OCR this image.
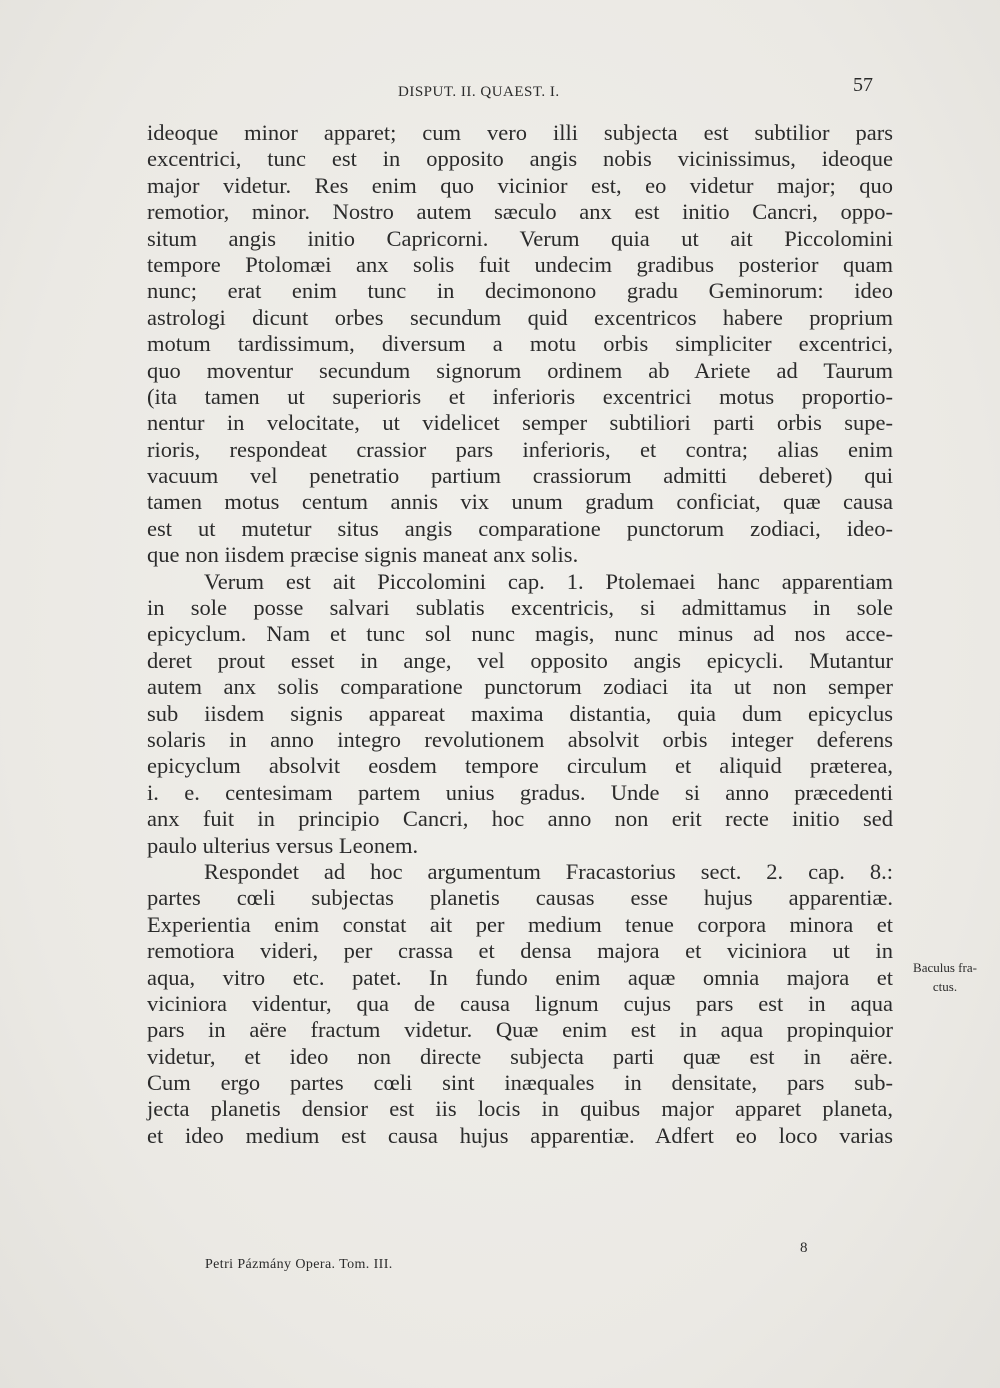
DISPUT. II. QUAEST. I.	57
ideoque minor apparet; cum vero illi subjecta est subtilior pars
excentrici, tunc est in opposito angis nobis vicinissimus, ideoque
major videtur. Res enim quo vicinior est, eo videtur major; quo
remotior, minor. Nostro autem sæculo anx est initio Cancri, oppo-
situm angis initio Capricorni. Verum quia ut ait Piccolomini
tempore Ptolomæi anx solis fuit undecim gradibus posterior quam
nunc; erat enim tunc in decimonono gradu Geminorum: ideo
astrologi dicunt orbes secundum quid excentricos habere proprium
motum tardissimum, diversum a motu orbis simpliciter excentrici,
quo moventur secundum signorum ordinem ab Ariete ad Taurum
(ita tamen ut superioris et inferioris excentrici motus proportio-
nentur in velocitate, ut videlicet semper subtiliori parti orbis supe-
rioris, respondeat crassior pars inferioris, et contra; alias enim
vacuum vel penetratio partium crassiorum admitti deberet) qui
tamen motus centum annis vix unum gradum conficiat, quæ causa
est ut mutetur situs angis comparatione punctorum zodiaci, ideo-
que non iisdem præcise signis maneat anx solis.
Verum est ait Piccolomini cap. 1. Ptolemaei hanc apparentiam
in sole posse salvari sublatis excentricis, si admittamus in sole
epicyclum. Nam et tunc sol nunc magis, nunc minus ad nos acce-
deret prout esset in ange, vel opposito angis epicycli. Mutantur
autem anx solis comparatione punctorum zodiaci ita ut non semper
sub iisdem signis appareat maxima distantia, quia dum epicyclus
solaris in anno integro revolutionem absolvit orbis integer deferens
epicyclum absolvit eosdem tempore circulum et aliquid prætereа,
i. e. centesimam partem unius gradus. Unde si anno præcedenti
anx fuit in principio Cancri, hoc anno non erit recte initio sed
paulo ulterius versus Leonem.
Respondet ad hoc argumentum Fracastorius sect. 2. cap. 8.:
partes cœli subjectas planetis causas esse hujus apparentiæ.
Experientia enim constat ait per medium tenue corpora minora et
remotiora videri, per crassa et densa majora et viciniora ut in
aqua, vitro etc. patet. In fundo enim aquæ omnia majora et
viciniora videntur, qua de causa lignum cujus pars est in aqua
pars in aëre fractum videtur. Quæ enim est in aqua propinquior
videtur, et ideo non directe subjecta parti quæ est in aëre.
Cum ergo partes cœli sint inæquales in densitate, pars sub-
jecta planetis densior est iis locis in quibus major apparet planeta,
et ideo medium est causa hujus apparentiæ. Adfert eo loco varias
Baculus fra-
ctus.
Petri Pázmány Opera. Tom. III.
8
